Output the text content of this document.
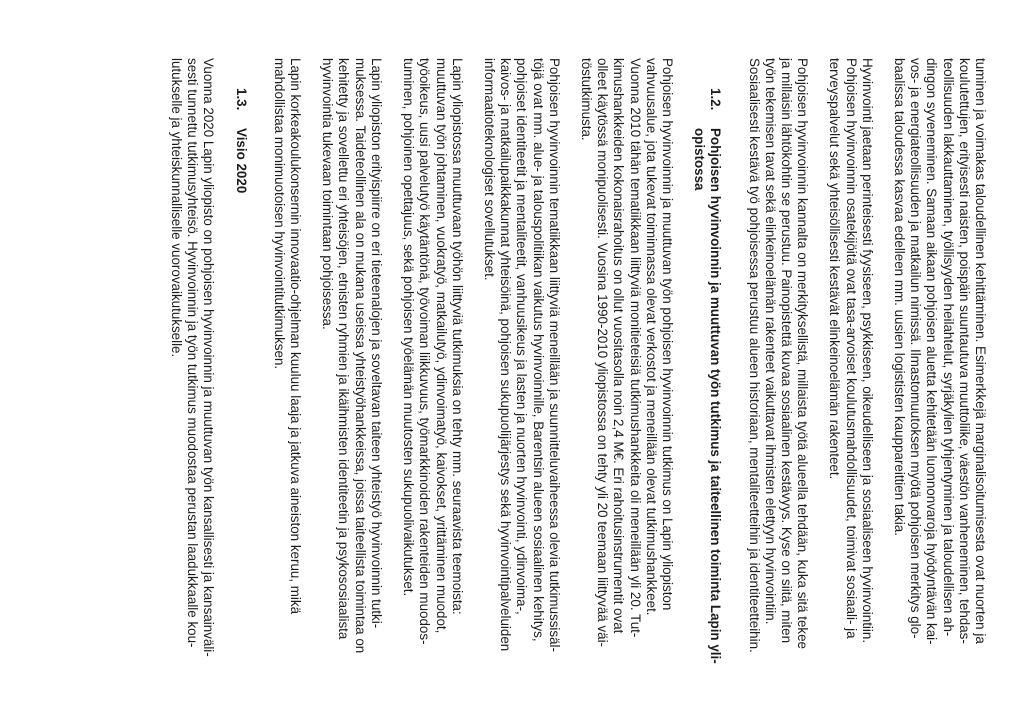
tuminen ja voimakas taloudellinen kehittäminen. Esimerkkejä marginalisoitumisesta ovat nuorten ja
koulutettujen, erityisesti naisten, poispäin suuntautuva muuttoliike, väestön vanheneminen, tehdas-
teollisuuden lakkauttaminen, työllisyyden heilahtelut, syrjäkylien tyhjentyminen ja taloudellisen ah-
dingon syveneminen. Samaan aikaan pohjoisen aluetta kehitetään luonnonvaroja hyödyntävän kai-
vos- ja energiateollisuuden ja matkailun nimissä. Ilmastomuutoksen myötä pohjoisen merkitys glo-
baalissa taloudessa kasvaa edelleen mm. uusien logististen kauppareittien takia.
Hyvinvointi jaetaan perinteisesti fyysiseen, psykkiseen, oikeudelliseen ja sosiaaliseen hyvinvointiin.
Pohjoisen hyvinvoinnin osatekijöitä ovat tasa-arvoiset koulutusmahdollisuudet, toimivat sosiaali- ja
terveyspalvelut sekä yhteisöllisesti kestävät elinkeinoelämän rakenteet.
Pohjoisen hyvinvoinnin kannalta on merkityksellistä, millaista työtä alueella tehdään, kuka sitä tekee
ja millaisin lähtökohtin se perustuu. Painopistettä kuvaa sosiaalinen kestävyys. Kyse on siitä, miten
työn tekemisen tavat sekä elinkeinoelämän rakenteet vaikuttavat ihmisten elettyyn hyvinvointiin.
Sosiaalisesti kestävä työ pohjoisessa perustuu alueen historiaan, mentaliteetteihin ja identiteetteihin.
1.2.Pohjoisen hyvinvoinnin ja muuttuvan työn tutkimus ja taiteellinen toiminta Lapin yli-
opistossa
Pohjoisen hyvinvoinnin ja muuttuvan työn pohjoisen hyvinvoinnin tutkimus on Lapin yliopiston
vahvuusalue, jota tukevat toiminnassa olevat verkostot ja meneillään olevat tutkimushankkeet.
Vuonna 2010 tähän tematiikkaan liittyviä monitieteisiä tutkimushankkeita oli meneillään yli 20. Tut-
kimushankkeiden kokonaisrahoitus on ollut vuositasolla noin 2,4 M€. Eri rahoitusinstrumentit ovat
olleet käytössä monipuolisesti. Vuosina 1990-2010 yliopistossa on tehty yli 20 teemaan liittyvää väi-
töstutkimusta.
Pohjoisen hyvinvoinnin tematiikkaan liittyviä meneillään ja suunnitteluvaiheessa olevia tutkimussisäl-
töjä ovat mm. alue- ja talouspolitiikan vaikutus hyvinvoinnille, Barentsin alueen sosiaalinen kehitys,
pohjoiset identiteetit ja mentaliteetit, vanhuusikeus ja lasten ja nuorten hyvinvointi, ydinvoima-,
kaivos- ja matkailupaikkakunnat yhteisöinä, pohjoisen sukupuolijärjestys sekä hyvinvointipalveluiden
informaatioteknologiset sovellutukset.
Lapin yliopistossa muuttuvaan työhön liittyviä tutkimuksia on tehty mm. seuraavista teemoista:
muuttuvan työn johtaminen, vuokratyö, matkailutyö, ydinvoimatyö, kaivokset, yrittäminen muodot,
työoikeus, uusi palvelutyö käytäntönä, työvoiman liikkuvuus, työmarkkinoiden rakenteiden muodos-
tuminen, pohjoinen opettajuus, sekä pohjoisen työelämän muutosten sukupuolivaikutukset.
Lapin yliopiston erityispiirre on eri tieteenalojen ja soveltavan taiteen yhteistyö hyvinvoinnin tutki-
muksessa. Taideteollinen ala on mukana useissa yhteistyöhankkeissa, joissa taiteellista toimintaa on
kehitetty ja sovellettu eri yhteisöjen, etnisten ryhmien ja ikäihmisten identiteetin ja psykososiaalista
hyvinvointia tukevaan toimintaan pohjoisessa.
Lapin korkeakoulukonsernin innovaatio-ohjelman kuuluu laaja ja jatkuva aineiston keruu, mikä
mahdollistaa monimuotoisen hyvinvointitutkimuksen.
1.3.Visio 2020
Vuonna 2020 Lapin yliopisto on pohjoisen hyvinvoinnin ja muuttuvan työn kansallisesti ja kansainväli-
sesti tunnettu tutkimusyhteisö. Hyvinvoinnin ja työn tutkimus muodostaa perustan laadukkaalle kou-
lutukselle ja yhteiskunnalliselle vuorovaikutukselle.
